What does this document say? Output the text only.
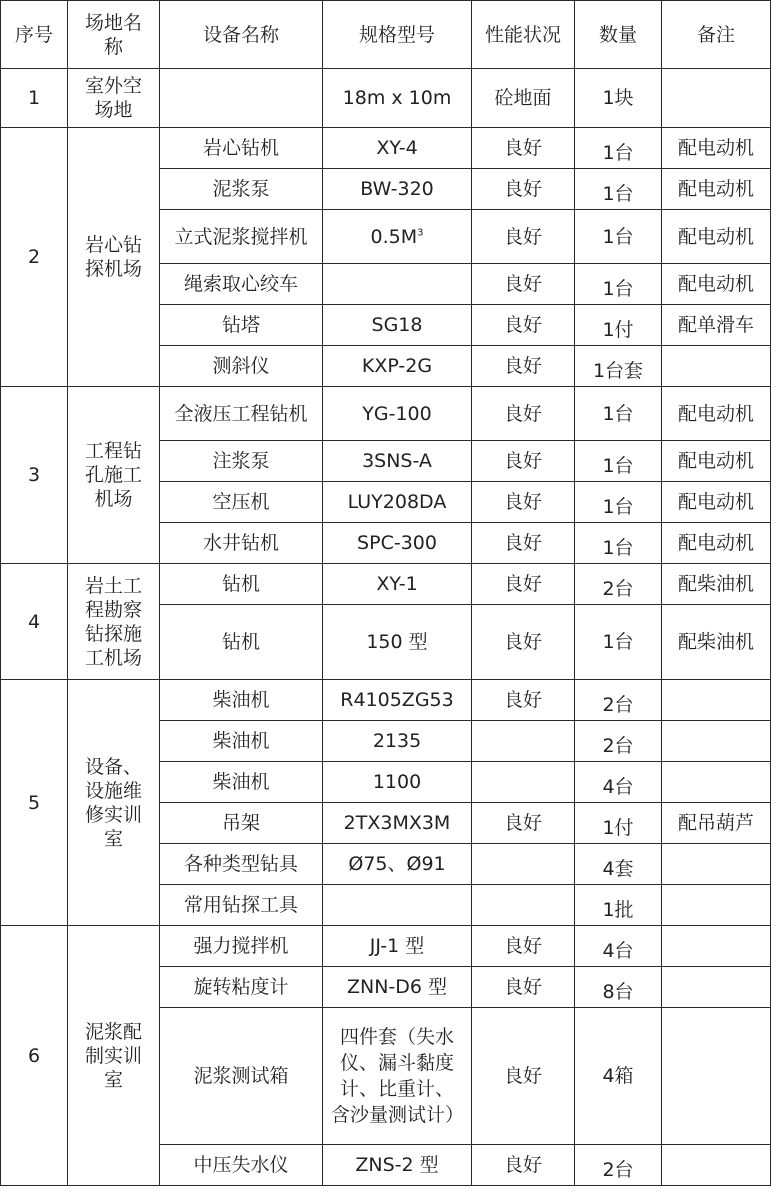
序号	场地名称	设备名称	规格型号	性能状况	数量	备注
1	室外空场地		18m x 10m	砼地面	1块	
2	岩心钻探机场	岩心钻机	XY-4	良好	1台	配电动机
		泥浆泵	BW-320	良好	1台	配电动机
		立式泥浆搅拌机	$0.5M^3$	良好	1台	配电动机
		绳索取心绞车		良好	1台	配电动机
		钻塔	SG18	良好	1付	配单滑车
		测斜仪	KXP-2G	良好	1台套	
3	工程钻孔施工机场	全液压工程钻机	YG-100	良好	1台	配电动机
		注浆泵	3SNS-A	良好	1台	配电动机
		空压机	LUY208DA	良好	1台	配电动机
		水井钻机	SPC-300	良好	1台	配电动机
4	岩土工程勘察钻探施工机场	钻机	XY-1	良好	2台	配柴油机
		钻机	150 型	良好	1台	配柴油机
5	设备、设施维修实训室	柴油机	R4105ZG53	良好	2台	
		柴油机	2135		2台	
		柴油机	1100		4台	
		吊架	2TX3MX3M	良好	1付	配吊葫芦
		各种类型钻具	Ø75、Ø91		4套	
		常用钻探工具			1批	
6	泥浆配制实训室	强力搅拌机	JJ-1 型	良好	4台	
		旋转粘度计	ZNN-D6 型	良好	8台	
		泥浆测试箱	四件套（失水仪、漏斗黏度计、比重计、含沙量测试计）	良好	4箱	
		中压失水仪	ZNS-2 型	良好	2台	
